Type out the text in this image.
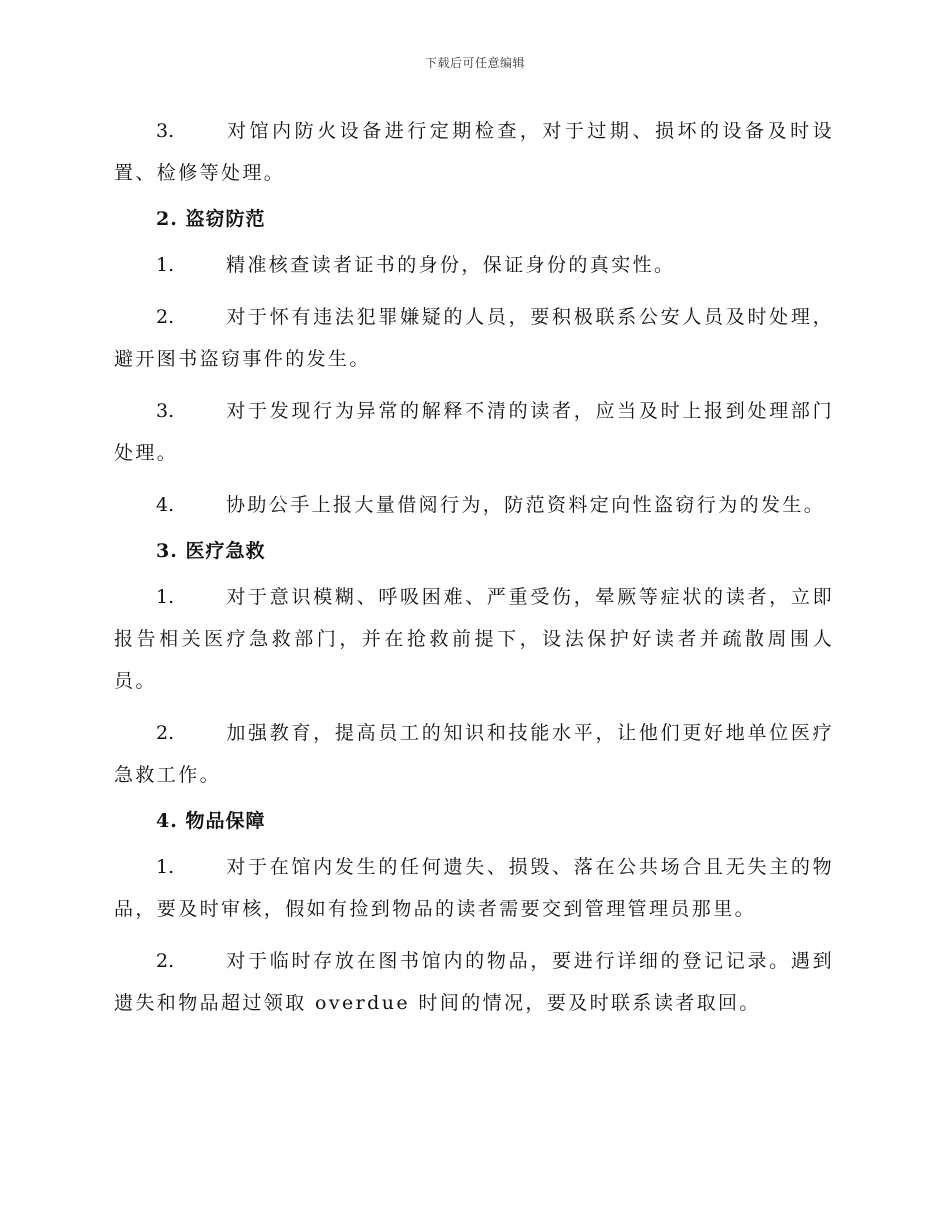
下载后可任意编辑

3.	对馆内防火设备进行定期检查，对于过期、损坏的设备及时设置、检修等处理。

2. 盗窃防范

1.	精准核查读者证书的身份，保证身份的真实性。

2.	对于怀有违法犯罪嫌疑的人员，要积极联系公安人员及时处理，避开图书盗窃事件的发生。

3.	对于发现行为异常的解释不清的读者，应当及时上报到处理部门处理。

4.	协助公手上报大量借阅行为，防范资料定向性盗窃行为的发生。

3. 医疗急救

1.	对于意识模糊、呼吸困难、严重受伤，晕厥等症状的读者，立即报告相关医疗急救部门，并在抢救前提下，设法保护好读者并疏散周围人员。

2.	加强教育，提高员工的知识和技能水平，让他们更好地单位医疗急救工作。

4. 物品保障

1.	对于在馆内发生的任何遗失、损毁、落在公共场合且无失主的物品，要及时审核，假如有捡到物品的读者需要交到管理管理员那里。

2.	对于临时存放在图书馆内的物品，要进行详细的登记记录。遇到遗失和物品超过领取 overdue 时间的情况，要及时联系读者取回。
